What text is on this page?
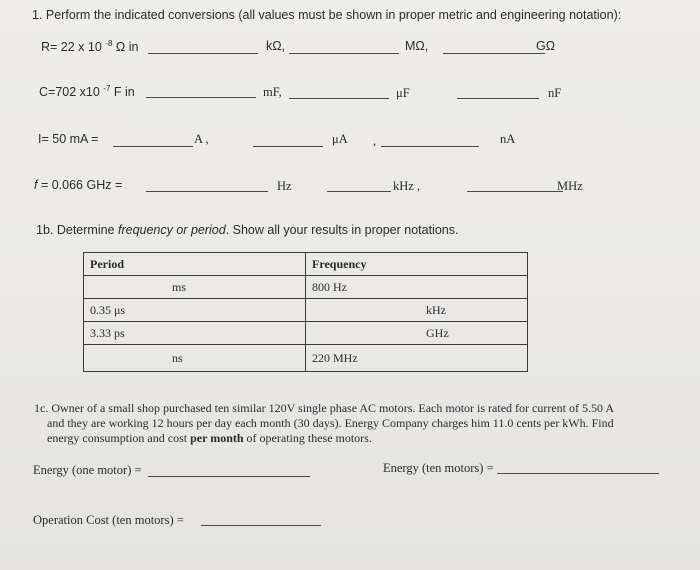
1. Perform the indicated conversions (all values must be shown in proper metric and engineering notation):
R= 22 x 10 $^{-8}$ Ω in	kΩ,	MΩ,	GΩ
C=702 x10 $^{-7}$ F in	mF,	μF	nF
I= 50 mA =	A ,	μA ,	nA
f = 0.066 GHz =	Hz	kHz ,	MHz
1b. Determine frequency or period. Show all your results in proper notations.
Period	Frequency
ms	800 Hz
0.35 μs	kHz
3.33 ps	GHz
ns	220 MHz
1c. Owner of a small shop purchased ten similar 120V single phase AC motors. Each motor is rated for current of 5.50 A
and they are working 12 hours per day each month (30 days). Energy Company charges him 11.0 cents per kWh. Find
energy consumption and cost per month of operating these motors.
Energy (one motor) =	Energy (ten motors) =
Operation Cost (ten motors) =
